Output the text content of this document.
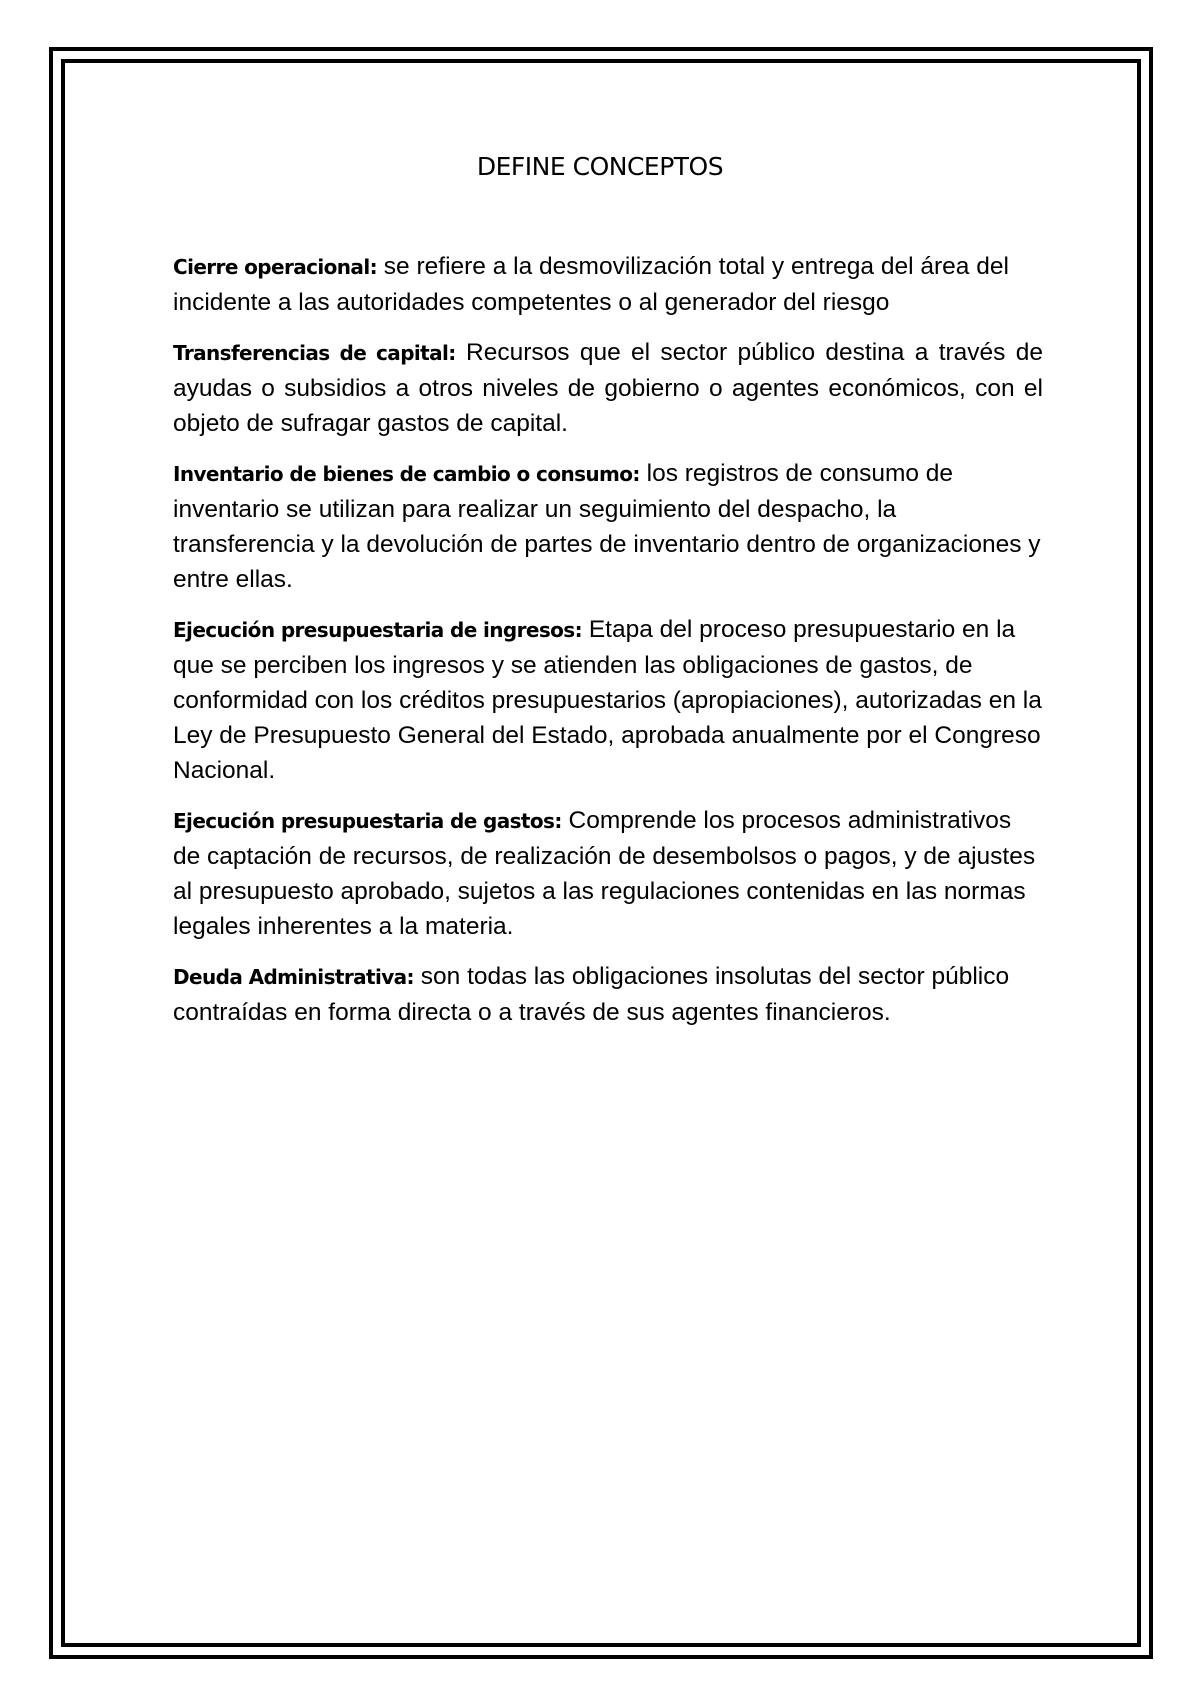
DEFINE CONCEPTOS

Cierre operacional: se refiere a la desmovilización total y entrega del área del incidente a las autoridades competentes o al generador del riesgo

Transferencias de capital: Recursos que el sector público destina a través de ayudas o subsidios a otros niveles de gobierno o agentes económicos, con el objeto de sufragar gastos de capital.

Inventario de bienes de cambio o consumo: los registros de consumo de inventario se utilizan para realizar un seguimiento del despacho, la transferencia y la devolución de partes de inventario dentro de organizaciones y entre ellas.

Ejecución presupuestaria de ingresos: Etapa del proceso presupuestario en la que se perciben los ingresos y se atienden las obligaciones de gastos, de conformidad con los créditos presupuestarios (apropiaciones), autorizadas en la Ley de Presupuesto General del Estado, aprobada anualmente por el Congreso Nacional.

Ejecución presupuestaria de gastos: Comprende los procesos administrativos de captación de recursos, de realización de desembolsos o pagos, y de ajustes al presupuesto aprobado, sujetos a las regulaciones contenidas en las normas legales inherentes a la materia.

Deuda Administrativa: son todas las obligaciones insolutas del sector público contraídas en forma directa o a través de sus agentes financieros.
